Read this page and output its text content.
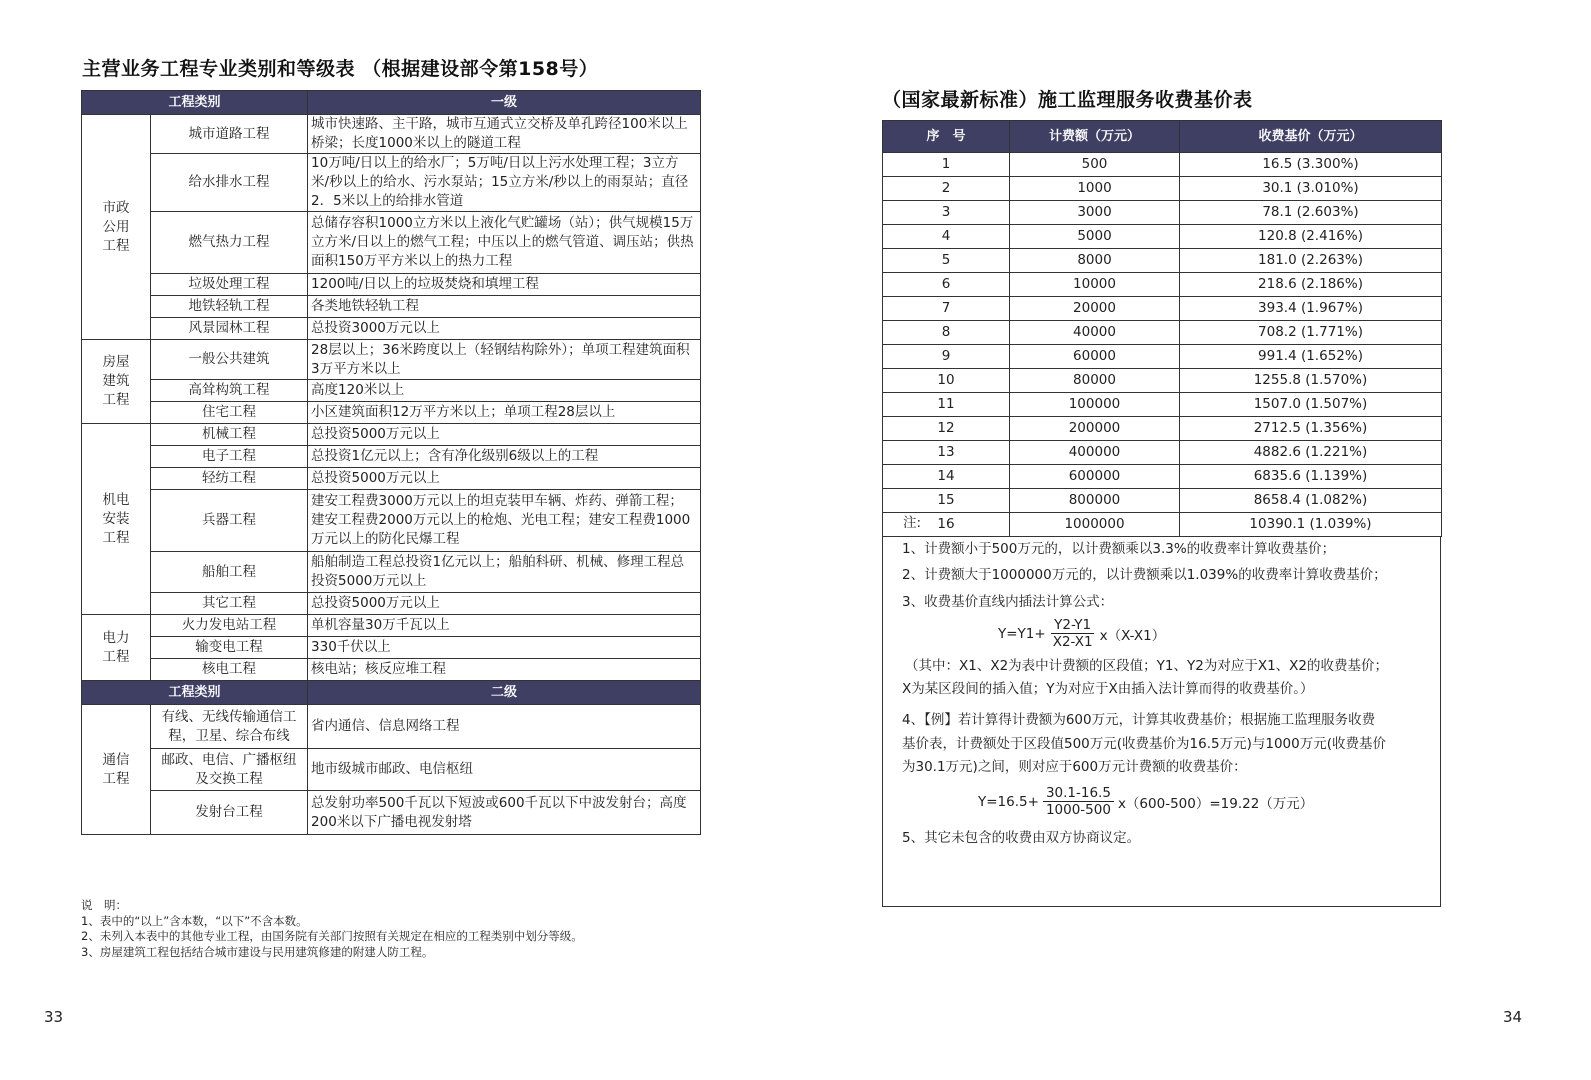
主营业务工程专业类别和等级表 （根据建设部令第158号）
工程类别		一级

市政
公用
工程	城市道路工程	城市快速路、主干路，城市互通式立交桥及单孔跨径100米以上桥梁；长度1000米以上的隧道工程
	给水排水工程	10万吨/日以上的给水厂；5万吨/日以上污水处理工程；3立方米/秒以上的给水、污水泵站；15立方米/秒以上的雨泵站；直径2．5米以上的给排水管道
	燃气热力工程	总储存容积1000立方米以上液化气贮罐场（站）；供气规模15万立方米/日以上的燃气工程；中压以上的燃气管道、调压站；供热面积150万平方米以上的热力工程
	垃圾处理工程	1200吨/日以上的垃圾焚烧和填埋工程
	地铁轻轨工程	各类地铁轻轨工程
	风景园林工程	总投资3000万元以上

房屋
建筑
工程	一般公共建筑	28层以上；36米跨度以上（轻钢结构除外）；单项工程建筑面积3万平方米以上
	高耸构筑工程	高度120米以上
	住宅工程	小区建筑面积12万平方米以上；单项工程28层以上

机电
安装
工程	机械工程	总投资5000万元以上
	电子工程	总投资1亿元以上；含有净化级别6级以上的工程
	轻纺工程	总投资5000万元以上
	兵器工程	建安工程费3000万元以上的坦克装甲车辆、炸药、弹箭工程；建安工程费2000万元以上的枪炮、光电工程；建安工程费1000万元以上的防化民爆工程
	船舶工程	船舶制造工程总投资1亿元以上；船舶科研、机械、修理工程总投资5000万元以上
	其它工程	总投资5000万元以上

电力
工程	火力发电站工程	单机容量30万千瓦以上
	输变电工程	330千伏以上
	核电工程	核电站；核反应堆工程
工程类别		二级

通信
工程	有线、无线传输通信工程，卫星、综合布线	省内通信、信息网络工程
	邮政、电信、广播枢纽及交换工程	地市级城市邮政、电信枢纽
	发射台工程	总发射功率500千瓦以下短波或600千瓦以下中波发射台；高度200米以下广播电视发射塔
说　明：
1、表中的“以上”含本数，“以下”不含本数。
2、未列入本表中的其他专业工程，由国务院有关部门按照有关规定在相应的工程类别中划分等级。
3、房屋建筑工程包括结合城市建设与民用建筑修建的附建人防工程。
33
（国家最新标准）施工监理服务收费基价表
序　号	计费额（万元）	收费基价（万元）
1	500	16.5 (3.300%)
2	1000	30.1 (3.010%)
3	3000	78.1 (2.603%)
4	5000	120.8 (2.416%)
5	8000	181.0 (2.263%)
6	10000	218.6 (2.186%)
7	20000	393.4 (1.967%)
8	40000	708.2 (1.771%)
9	60000	991.4 (1.652%)
10	80000	1255.8 (1.570%)
11	100000	1507.0 (1.507%)
12	200000	2712.5 (1.356%)
13	400000	4882.6 (1.221%)
14	600000	6835.6 (1.139%)
15	800000	8658.4 (1.082%)

注: 16	1000000	10390.1 (1.039%)
1、计费额小于500万元的，以计费额乘以3.3%的收费率计算收费基价；
2、计费额大于1000000万元的，以计费额乘以1.039%的收费率计算收费基价；
3、收费基价直线内插法计算公式：
$Y=Y1+ \frac{Y2-Y1}{X2-X1} x(X-X1)$
（其中：X1、X2为表中计费额的区段值；Y1、Y2为对应于X1、X2的收费基价；
X为某区段间的插入值；Y为对应于X由插入法计算而得的收费基价。）
4、【例】若计算得计费额为600万元，计算其收费基价；根据施工监理服务收费
基价表，计费额处于区段值500万元(收费基价为16.5万元)与1000万元(收费基价
为30.1万元)之间，则对应于600万元计费额的收费基价：
$Y=16.5+ \frac{30.1-16.5}{1000-500} x(600-500)=19.22$（万元）
5、其它未包含的收费由双方协商议定。
34
